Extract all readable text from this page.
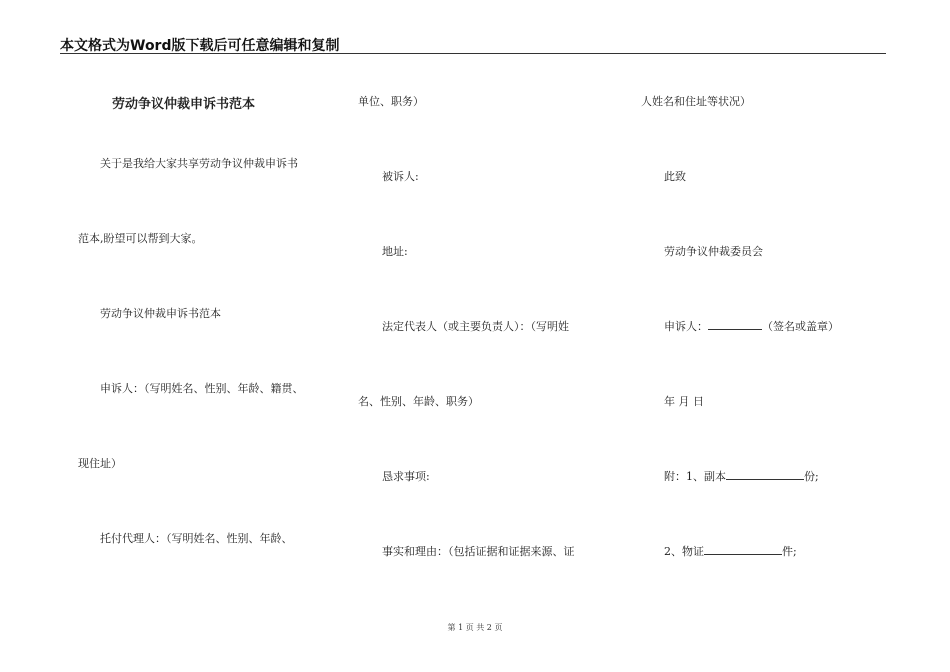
本文格式为Word版下载后可任意编辑和复制
劳动争议仲裁申诉书范本
关于是我给大家共享劳动争议仲裁申诉书
范本,盼望可以帮到大家。
劳动争议仲裁申诉书范本
申诉人：（写明姓名、性别、年龄、籍贯、
现住址）
托付代理人：（写明姓名、性别、年龄、
单位、职务）
被诉人:
地址:
法定代表人（或主要负责人）：（写明姓
名、性别、年龄、职务）
恳求事项:
事实和理由：（包括证据和证据来源、证
人姓名和住址等状况）
此致
劳动争议仲裁委员会
申诉人：	（签名或盖章）
年 月 日
附：1、副本	份;
2、物证	件;
第 1 页 共 2 页
